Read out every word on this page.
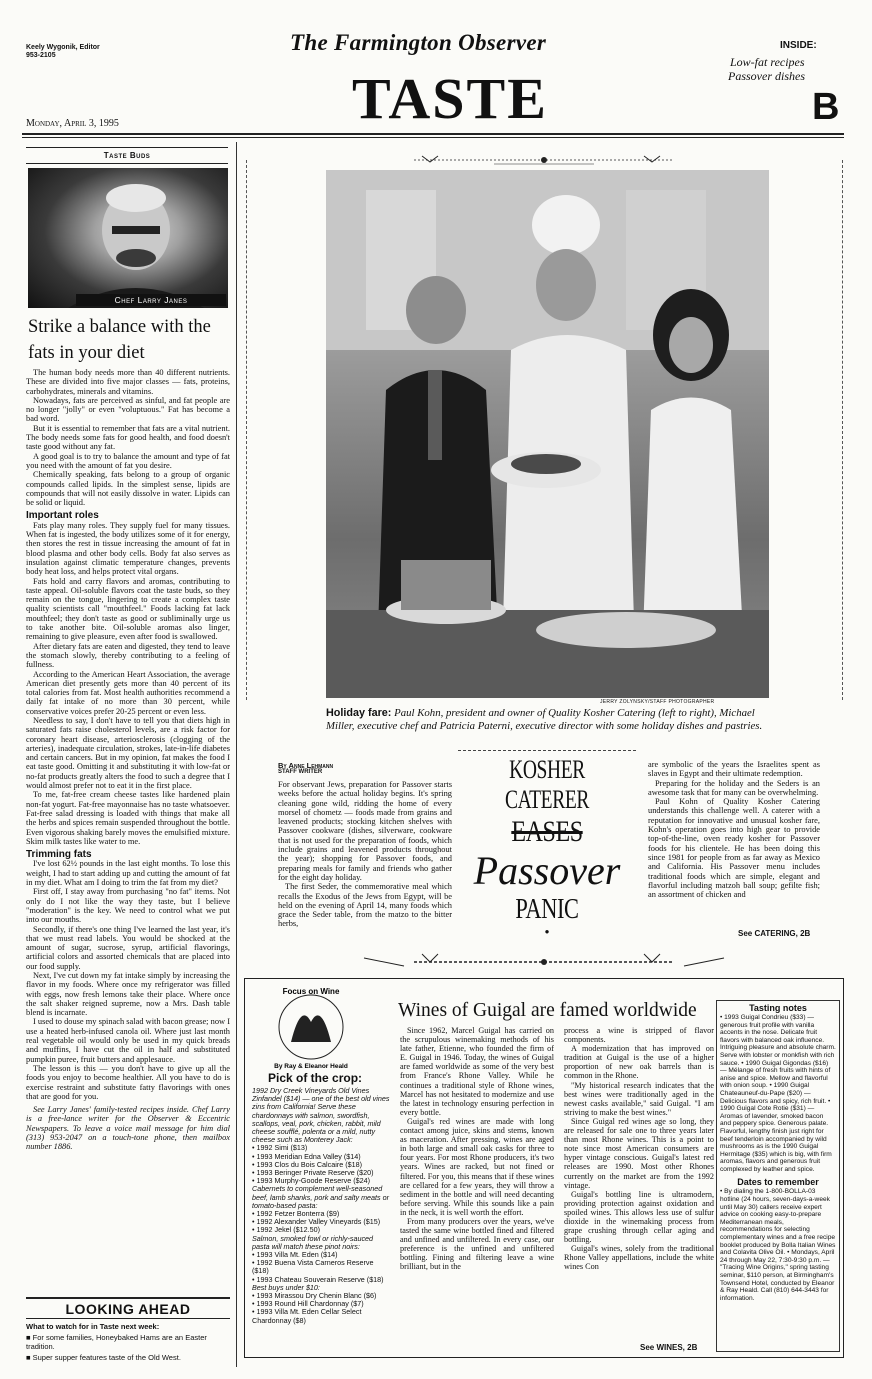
Keely Wygonik, Editor
953-2105
The Farmington Observer
TASTE
Monday, April 3, 1995
INSIDE:
Low-fat recipes
Passover dishes
B
Taste Buds
Chef Larry Janes
Strike a balance with the fats in your diet

The human body needs more than 40 different nutrients. These are divided into five major classes — fats, proteins, carbohydrates, minerals and vitamins.

Nowadays, fats are perceived as sinful, and fat people are no longer "jolly" or even "voluptuous." Fat has become a bad word.

But it is essential to remember that fats are a vital nutrient. The body needs some fats for good health, and food doesn't taste good without any fat.

A good goal is to try to balance the amount and type of fat you need with the amount of fat you desire.

Chemically speaking, fats belong to a group of organic compounds called lipids. In the simplest sense, lipids are compounds that will not easily dissolve in water. Lipids can be solid or liquid.

Important roles

Fats play many roles. They supply fuel for many tissues. When fat is ingested, the body utilizes some of it for energy, then stores the rest in tissue increasing the amount of fat in blood plasma and other body cells. Body fat also serves as insulation against climatic temperature changes, prevents body heat loss, and helps protect vital organs.

Fats hold and carry flavors and aromas, contributing to taste appeal. Oil-soluble flavors coat the taste buds, so they remain on the tongue, lingering to create a complex taste quality scientists call "mouthfeel." Foods lacking fat lack mouthfeel; they don't taste as good or subliminally urge us to take another bite. Oil-soluble aromas also linger, remaining to give pleasure, even after food is swallowed.

After dietary fats are eaten and digested, they tend to leave the stomach slowly, thereby contributing to a feeling of fullness.

According to the American Heart Association, the average American diet presently gets more than 40 percent of its total calories from fat. Most health authorities recommend a daily fat intake of no more than 30 percent, while conservative voices prefer 20-25 percent or even less.

Needless to say, I don't have to tell you that diets high in saturated fats raise cholesterol levels, are a risk factor for coronary heart disease, arteriosclerosis (clogging of the arteries), inadequate circulation, strokes, late-in-life diabetes and certain cancers. But in my opinion, fat makes the food I eat taste good. Omitting it and substituting it with low-fat or no-fat products greatly alters the food to such a degree that I would almost prefer not to eat it in the first place.

To me, fat-free cream cheese tastes like hardened plain non-fat yogurt. Fat-free mayonnaise has no taste whatsoever. Fat-free salad dressing is loaded with things that make all the herbs and spices remain suspended throughout the bottle. Even vigorous shaking barely moves the emulsified mixture. Skim milk tastes like water to me.

Trimming fats

I've lost 62½ pounds in the last eight months. To lose this weight, I had to start adding up and cutting the amount of fat in my diet. What am I doing to trim the fat from my diet?

First off, I stay away from purchasing "no fat" items. Not only do I not like the way they taste, but I believe "moderation" is the key. We need to control what we put into our mouths.

Secondly, if there's one thing I've learned the last year, it's that we must read labels. You would be shocked at the amount of sugar, sucrose, syrup, artificial flavorings, artificial colors and assorted chemicals that are placed into our food supply.

Next, I've cut down my fat intake simply by increasing the flavor in my foods. Where once my refrigerator was filled with eggs, now fresh lemons take their place. Where once the salt shaker reigned supreme, now a Mrs. Dash table blend is incarnate.

I used to douse my spinach salad with bacon grease; now I use a heated herb-infused canola oil. Where just last month real vegetable oil would only be used in my quick breads and muffins, I have cut the oil in half and substituted pumpkin puree, fruit butters and applesauce.

The lesson is this — you don't have to give up all the foods you enjoy to become healthier. All you have to do is exercise restraint and substitute fatty flavorings with ones that are good for you.

See Larry Janes' family-tested recipes inside. Chef Larry is a free-lance writer for the Observer & Eccentric Newspapers. To leave a voice mail message for him dial (313) 953-2047 on a touch-tone phone, then mailbox number 1886.

LOOKING AHEAD
What to watch for in Taste next week:
■ For some families, Honeybaked Hams are an Easter tradition.
■ Super supper features taste of the Old West.
JERRY ZOLYNSKY/STAFF PHOTOGRAPHER
Holiday fare: Paul Kohn, president and owner of Quality Kosher Catering (left to right), Michael Miller, executive chef and Patricia Paterni, executive director with some holiday dishes and pastries.
By Anne Lehmann
STAFF WRITER

For observant Jews, preparation for Passover starts weeks before the actual holiday begins. It's spring cleaning gone wild, ridding the home of every morsel of chometz — foods made from grains and leavened products; stocking kitchen shelves with Passover cookware (dishes, silverware, cookware that is not used for the preparation of foods, which include grains and leavened products throughout the year); shopping for Passover foods, and preparing meals for family and friends who gather for the eight day holiday.

The first Seder, the commemorative meal which recalls the Exodus of the Jews from Egypt, will be held on the evening of April 14, many foods which grace the Seder table, from the matzo to the bitter herbs,

KOSHER CATERER
EASES
Passover
PANIC
●

are symbolic of the years the Israelites spent as slaves in Egypt and their ultimate redemption.

Preparing for the holiday and the Seders is an awesome task that for many can be overwhelming.

Paul Kohn of Quality Kosher Catering understands this challenge well. A caterer with a reputation for innovative and unusual kosher fare, Kohn's operation goes into high gear to provide top-of-the-line, oven ready kosher for Passover foods for his clientele. He has been doing this since 1981 for people from as far away as Mexico and California. His Passover menu includes traditional foods which are simple, elegant and flavorful including matzoh ball soup; gefilte fish; an assortment of chicken and

See CATERING, 2B
Focus on Wine
By Ray & Eleanor Heald
Pick of the crop:
1992 Dry Creek Vineyards Old Vines Zinfandel ($14) — one of the best old vines zins from California! Serve these chardonnays with salmon, swordfish, scallops, veal, pork, chicken, rabbit, mild cheese soufflé, polenta or a mild, nutty cheese such as Monterey Jack:
• 1992 Simi ($13)
• 1993 Meridian Edna Valley ($14)
• 1993 Clos du Bois Calcaire ($18)
• 1993 Beringer Private Reserve ($20)
• 1993 Murphy-Goode Reserve ($24)
Cabernets to complement well-seasoned beef, lamb shanks, pork and salty meats or tomato-based pasta:
• 1992 Fetzer Bonterra ($9)
• 1992 Alexander Valley Vineyards ($15)
• 1992 Jekel ($12.50)
Salmon, smoked fowl or richly-sauced pasta will match these pinot noirs:
• 1993 Villa Mt. Eden ($14)
• 1992 Buena Vista Carneros Reserve ($18)
• 1993 Chateau Souverain Reserve ($18)
Best buys under $10:
• 1993 Mirassou Dry Chenin Blanc ($6)
• 1993 Round Hill Chardonnay ($7)
• 1993 Villa Mt. Eden Cellar Select Chardonnay ($8)
Wines of Guigal are famed worldwide

Since 1962, Marcel Guigal has carried on the scrupulous winemaking methods of his late father, Etienne, who founded the firm of E. Guigal in 1946. Today, the wines of Guigal are famed worldwide as some of the very best from France's Rhone Valley. While he continues a traditional style of Rhone wines, Marcel has not hesitated to modernize and use the latest in technology ensuring perfection in every bottle.

Guigal's red wines are made with long contact among juice, skins and stems, known as maceration. After pressing, wines are aged in both large and small oak casks for three to four years. For most Rhone producers, it's two years. Wines are racked, but not fined or filtered. For you, this means that if these wines are cellared for a few years, they will throw a sediment in the bottle and will need decanting before serving. While this sounds like a pain in the neck, it is well worth the effort.

From many producers over the years, we've tasted the same wine bottled fined and filtered and unfined and unfiltered. In every case, our preference is the unfined and unfiltered bottling. Fining and filtering leave a wine brilliant, but in the

process a wine is stripped of flavor components.

A modernization that has improved on tradition at Guigal is the use of a higher proportion of new oak barrels than is common in the Rhone.

"My historical research indicates that the best wines were traditionally aged in the newest casks available," said Guigal. "I am striving to make the best wines."

Since Guigal red wines age so long, they are released for sale one to three years later than most Rhone wines. This is a point to note since most American consumers are hyper vintage conscious. Guigal's latest red releases are 1990. Most other Rhones currently on the market are from the 1992 vintage.

Guigal's bottling line is ultramodern, providing protection against oxidation and spoiled wines. This allows less use of sulfur dioxide in the winemaking process from grape crushing through cellar aging and bottling.

Guigal's wines, solely from the traditional Rhone Valley appellations, include the white wines Con

See WINES, 2B
Tasting notes
• 1993 Guigal Condrieu ($33) — generous fruit profile with vanilla accents in the nose. Delicate fruit flavors with balanced oak influence. Intriguing pleasure and absolute charm. Serve with lobster or monkfish with rich sauce. • 1990 Guigal Gigondas ($16) — Mélange of fresh fruits with hints of anise and spice. Mellow and flavorful with onion soup. • 1990 Guigal Chateauneuf-du-Pape ($20) — Delicious flavors and spicy, rich fruit. • 1990 Guigal Cote Rotie ($31) — Aromas of lavender, smoked bacon and peppery spice. Generous palate. Flavorful, lengthy finish just right for beef tenderloin accompanied by wild mushrooms as is the 1990 Guigal Hermitage ($35) which is big, with firm aromas, flavors and generous fruit complexed by leather and spice.
Dates to remember
• By dialing the 1-800-BOLLA-03 hotline (24 hours, seven-days-a-week until May 30) callers receive expert advice on cooking easy-to-prepare Mediterranean meals, recommendations for selecting complementary wines and a free recipe booklet produced by Bolla Italian Wines and Colavita Olive Oil. • Mondays, April 24 through May 22, 7:30-9:30 p.m. — "Tracing Wine Origins," spring tasting seminar, $110 person, at Birmingham's Townsend Hotel, conducted by Eleanor & Ray Heald. Call (810) 644-3443 for information.
